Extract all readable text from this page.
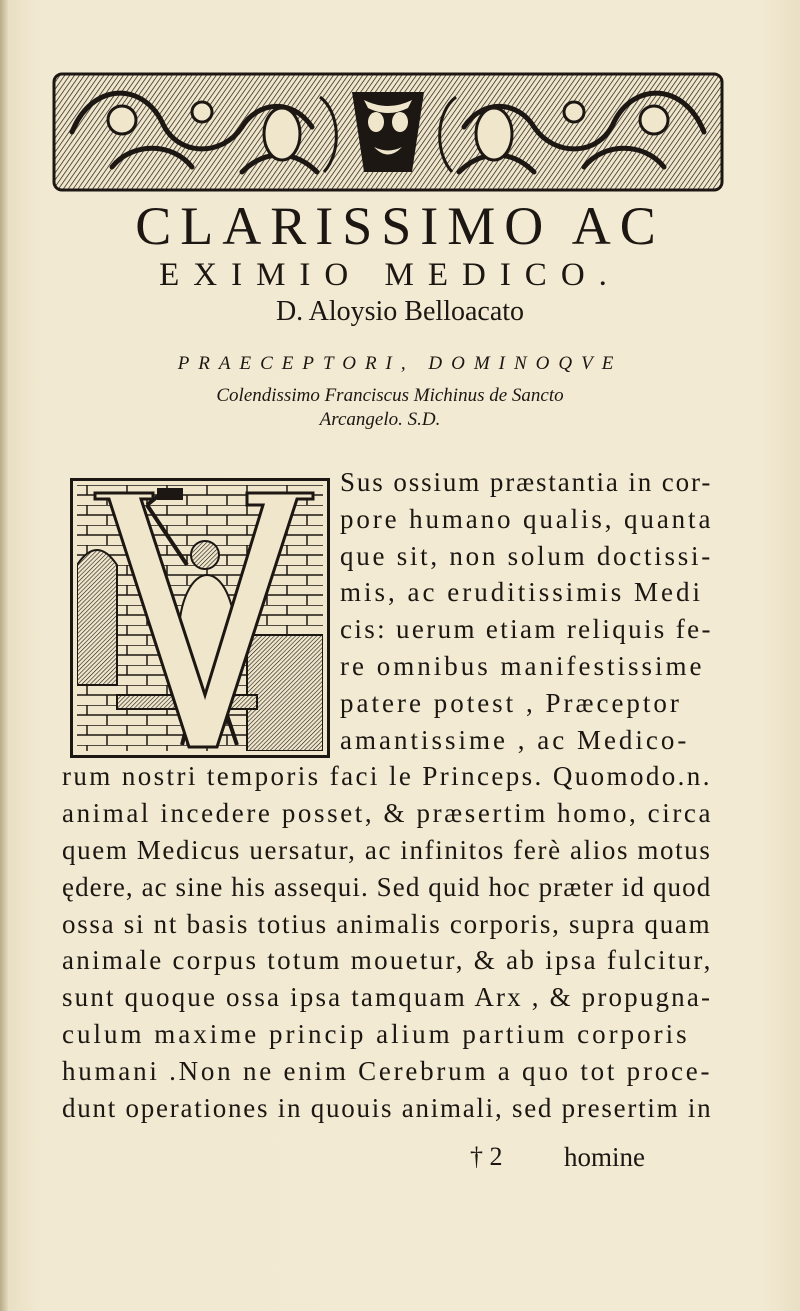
CLARISSIMO AC
EXIMIO MEDICO.
D. Aloysio Belloacato
PRAECEPTORI, DOMINOQVE
Colendissimo Franciscus Michinus de Sancto
Arcangelo. S.D.
Sus ossium præstantia in cor-
pore humano qualis, quanta
que sit, non solum doctissi-
mis, ac eruditissimis Medi
cis: uerum etiam reliquis fe-
re omnibus manifestissime
patere potest , Præceptor
amantissime , ac Medico-
rum nostri temporis faci le Princeps. Quomodo.n.
animal incedere posset, & præsertim homo, circa
quem Medicus uersatur, ac infinitos ferè alios motus
ędere, ac sine his assequi. Sed quid hoc præter id quod
ossa si nt basis totius animalis corporis, supra quam
animale corpus totum mouetur, & ab ipsa fulcitur,
sunt quoque ossa ipsa tamquam Arx , & propugna-
culum maxime princip alium partium corporis
humani .Non ne enim Cerebrum a quo tot proce-
dunt operationes in quouis animali, sed presertim in
† 2 homine
